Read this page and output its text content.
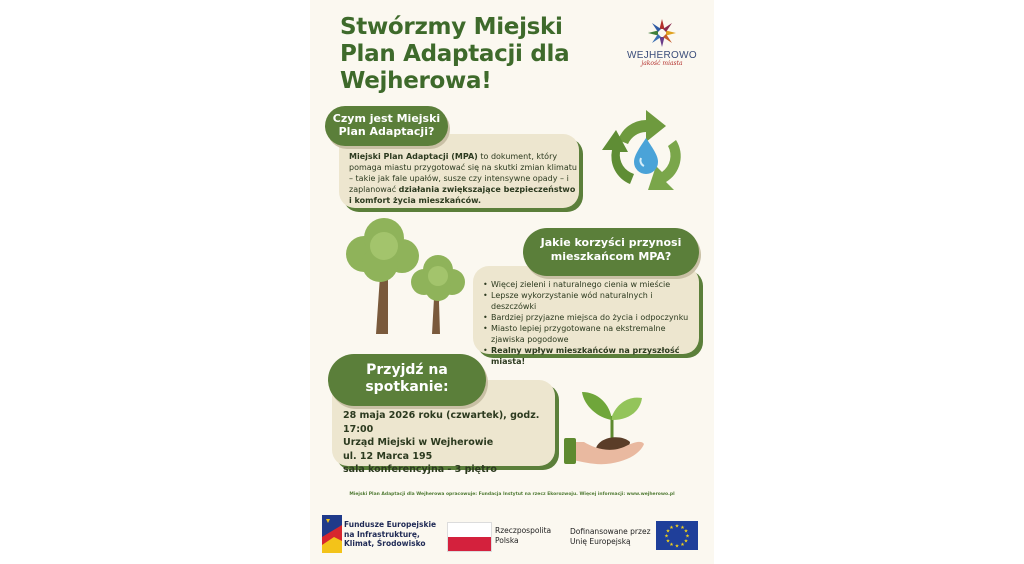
Stwórzmy Miejski Plan Adaptacji dla Wejherowa!
WEJHEROWO
jakość miasta
Miejski Plan Adaptacji (MPA) to dokument, który pomaga miastu przygotować się na skutki zmian klimatu – takie jak fale upałów, susze czy intensywne opady – i zaplanować działania zwiększające bezpieczeństwo i komfort życia mieszkańców.
Czym jest Miejski Plan Adaptacji?
• Więcej zieleni i naturalnego cienia w mieście
• Lepsze wykorzystanie wód naturalnych i deszczówki
• Bardziej przyjazne miejsca do życia i odpoczynku
• Miasto lepiej przygotowane na ekstremalne zjawiska pogodowe
• Realny wpływ mieszkańców na przyszłość miasta!
Jakie korzyści przynosi mieszkańcom MPA?
28 maja 2026 roku (czwartek), godz. 17:00
Urząd Miejski w Wejherowie
ul. 12 Marca 195
sala konferencyjna - 3 piętro
Przyjdź na spotkanie:
Miejski Plan Adaptacji dla Wejherowa opracowuje: Fundacja Instytut na rzecz Ekorozwoju. Więcej informacji: www.wejherowo.pl
Fundusze Europejskie
na Infrastrukturę,
Klimat, Środowisko
Rzeczpospolita
Polska
Dofinansowane przez
Unię Europejską
★ ★
★
★
★
★
★
★
★
★
★
★
